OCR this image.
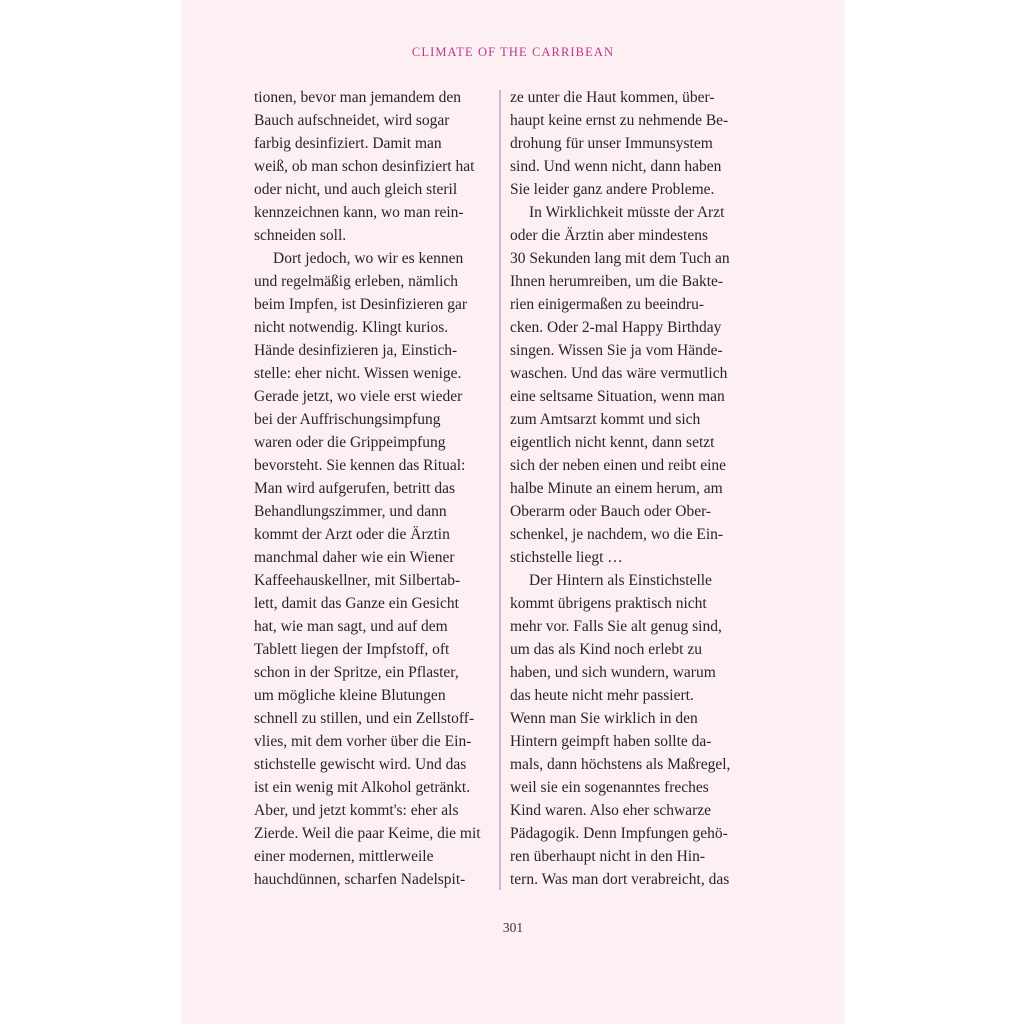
CLIMATE OF THE CARRIBEAN
tionen, bevor man jemandem den
Bauch aufschneidet, wird sogar
farbig desinfiziert. Damit man
weiß, ob man schon desinfiziert hat
oder nicht, und auch gleich steril
kennzeichnen kann, wo man rein-
schneiden soll.
Dort jedoch, wo wir es kennen
und regelmäßig erleben, nämlich
beim Impfen, ist Desinfizieren gar
nicht notwendig. Klingt kurios.
Hände desinfizieren ja, Einstich-
stelle: eher nicht. Wissen wenige.
Gerade jetzt, wo viele erst wieder
bei der Auffrischungsimpfung
waren oder die Grippeimpfung
bevorsteht. Sie kennen das Ritual:
Man wird aufgerufen, betritt das
Behandlungszimmer, und dann
kommt der Arzt oder die Ärztin
manchmal daher wie ein Wiener
Kaffeehauskellner, mit Silbertab-
lett, damit das Ganze ein Gesicht
hat, wie man sagt, und auf dem
Tablett liegen der Impfstoff, oft
schon in der Spritze, ein Pflaster,
um mögliche kleine Blutungen
schnell zu stillen, und ein Zellstoff-
vlies, mit dem vorher über die Ein-
stichstelle gewischt wird. Und das
ist ein wenig mit Alkohol getränkt.
Aber, und jetzt kommt's: eher als
Zierde. Weil die paar Keime, die mit
einer modernen, mittlerweile
hauchdünnen, scharfen Nadelspit-
ze unter die Haut kommen, über-
haupt keine ernst zu nehmende Be-
drohung für unser Immunsystem
sind. Und wenn nicht, dann haben
Sie leider ganz andere Probleme.
In Wirklichkeit müsste der Arzt
oder die Ärztin aber mindestens
30 Sekunden lang mit dem Tuch an
Ihnen herumreiben, um die Bakte-
rien einigermaßen zu beeindru-
cken. Oder 2-mal Happy Birthday
singen. Wissen Sie ja vom Hände-
waschen. Und das wäre vermutlich
eine seltsame Situation, wenn man
zum Amtsarzt kommt und sich
eigentlich nicht kennt, dann setzt
sich der neben einen und reibt eine
halbe Minute an einem herum, am
Oberarm oder Bauch oder Ober-
schenkel, je nachdem, wo die Ein-
stichstelle liegt …
Der Hintern als Einstichstelle
kommt übrigens praktisch nicht
mehr vor. Falls Sie alt genug sind,
um das als Kind noch erlebt zu
haben, und sich wundern, warum
das heute nicht mehr passiert.
Wenn man Sie wirklich in den
Hintern geimpft haben sollte da-
mals, dann höchstens als Maßregel,
weil sie ein sogenanntes freches
Kind waren. Also eher schwarze
Pädagogik. Denn Impfungen gehö-
ren überhaupt nicht in den Hin-
tern. Was man dort verabreicht, das
301
